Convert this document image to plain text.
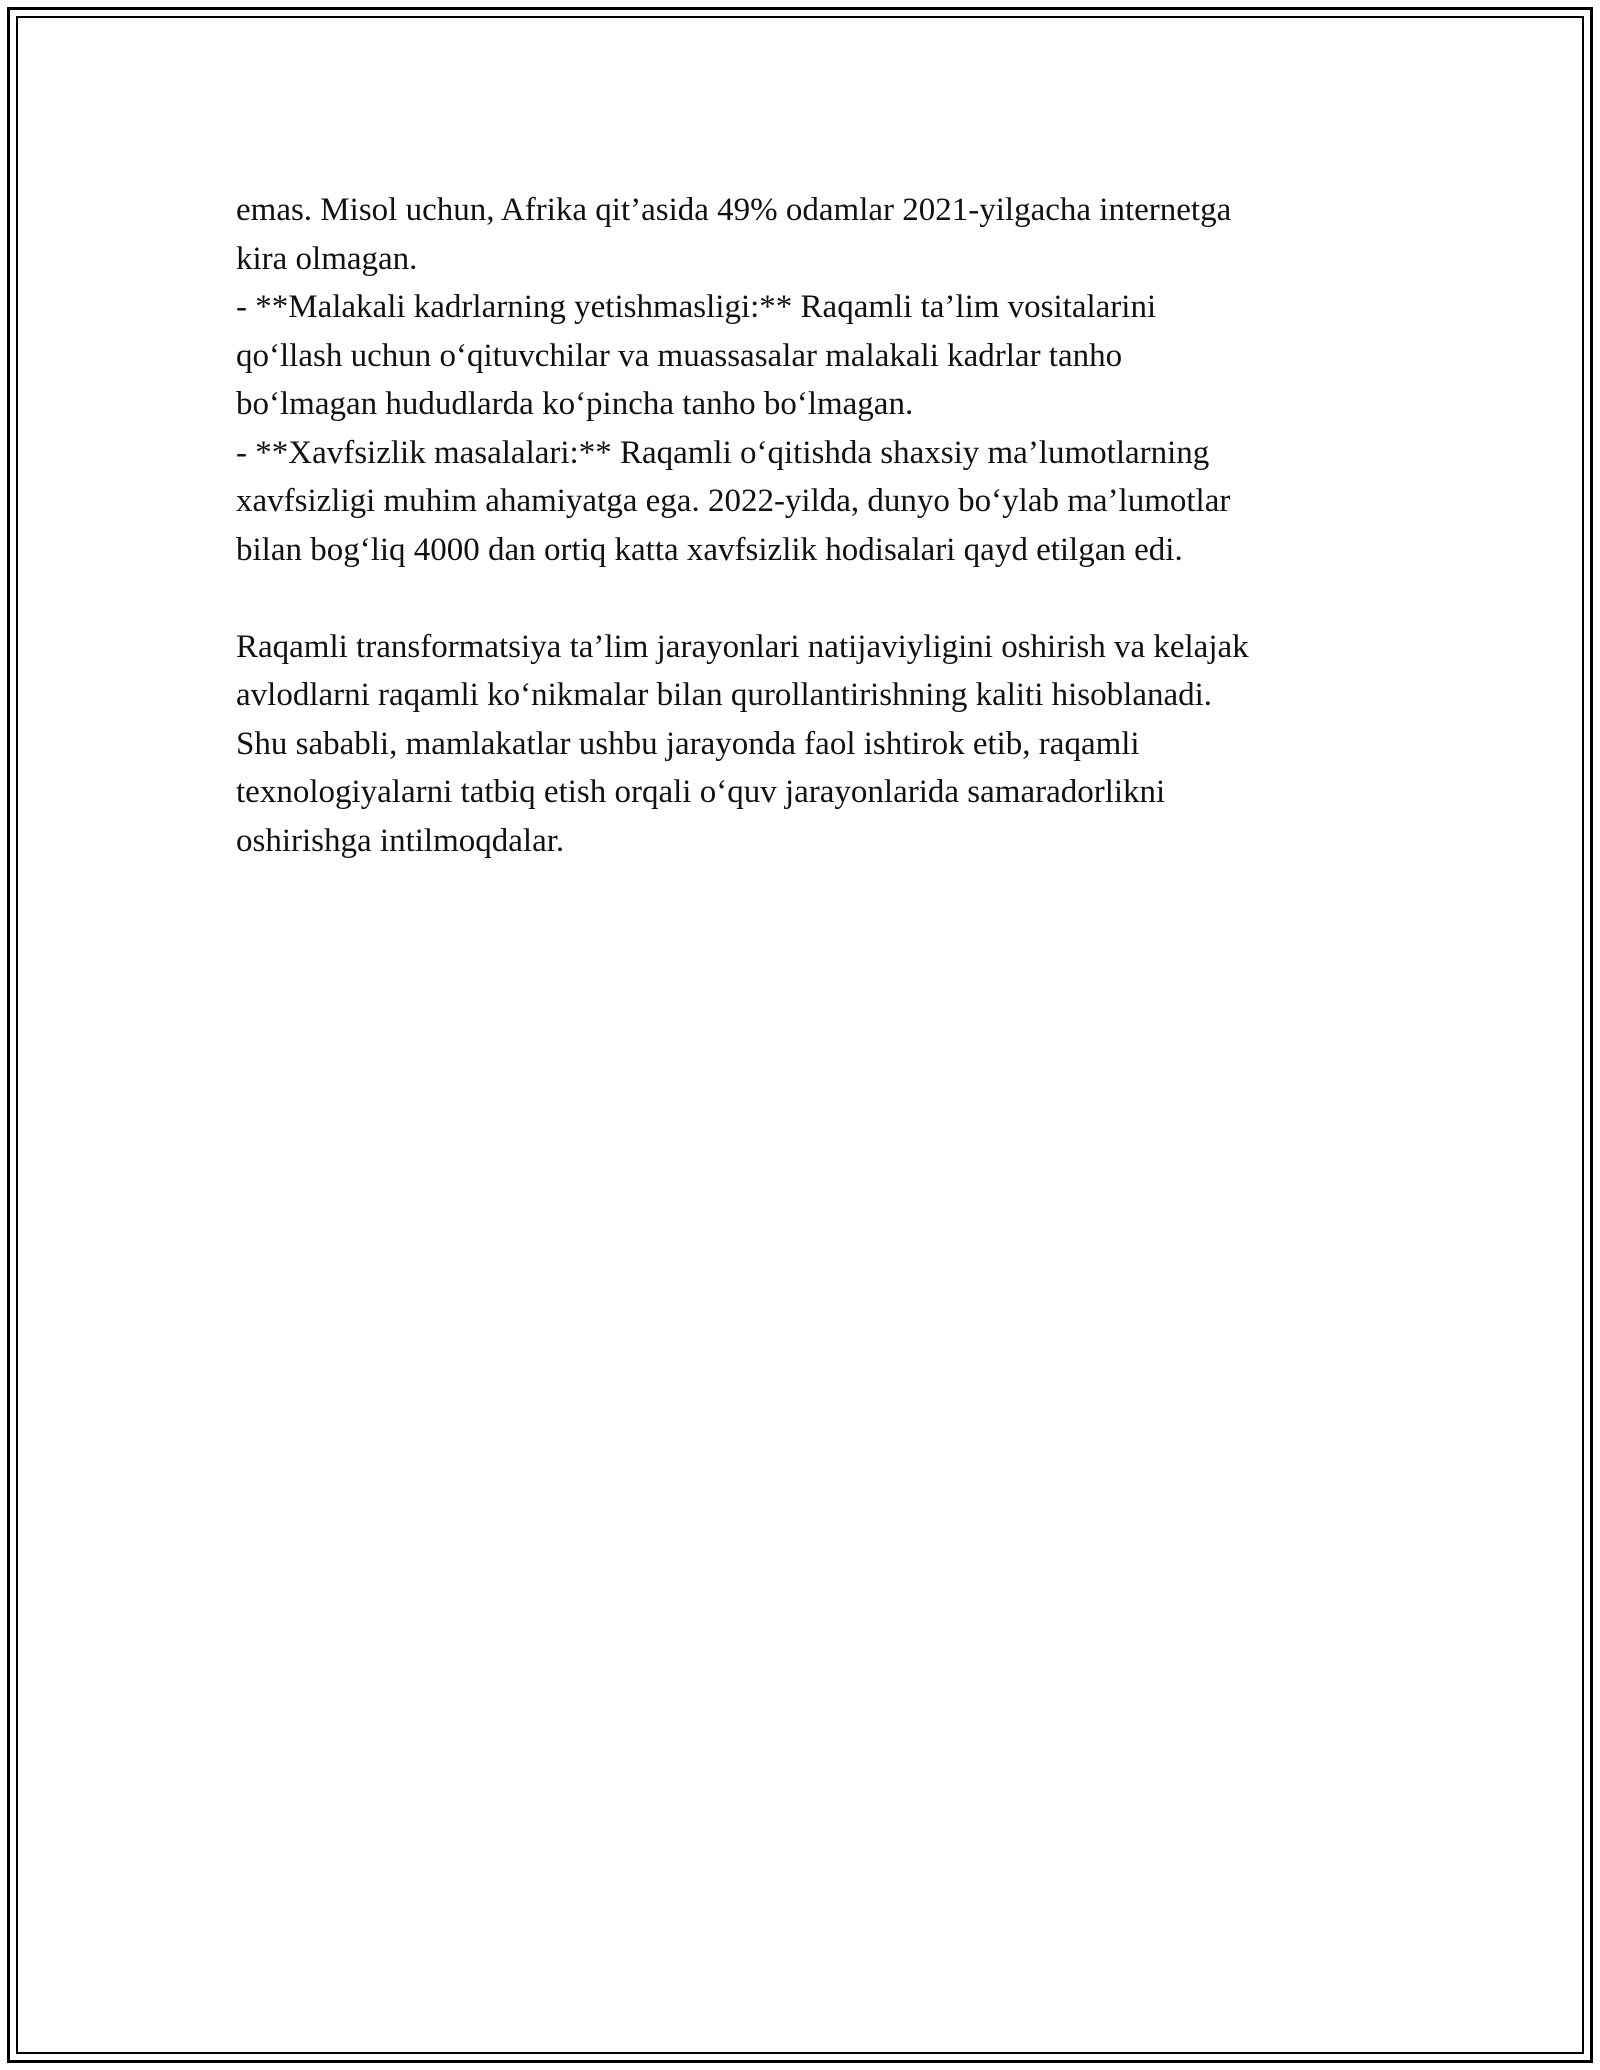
emas. Misol uchun, Afrika qit’asida 49% odamlar 2021-yilgacha internetga
kira olmagan.
- **Malakali kadrlarning yetishmasligi:** Raqamli ta’lim vositalarini
qo‘llash uchun o‘qituvchilar va muassasalar malakali kadrlar tanho
bo‘lmagan hududlarda ko‘pincha tanho bo‘lmagan.
- **Xavfsizlik masalalari:** Raqamli o‘qitishda shaxsiy ma’lumotlarning
xavfsizligi muhim ahamiyatga ega. 2022-yilda, dunyo bo‘ylab ma’lumotlar
bilan bog‘liq 4000 dan ortiq katta xavfsizlik hodisalari qayd etilgan edi.
Raqamli transformatsiya ta’lim jarayonlari natijaviyligini oshirish va kelajak
avlodlarni raqamli ko‘nikmalar bilan qurollantirishning kaliti hisoblanadi.
Shu sababli, mamlakatlar ushbu jarayonda faol ishtirok etib, raqamli
texnologiyalarni tatbiq etish orqali o‘quv jarayonlarida samaradorlikni
oshirishga intilmoqdalar.
